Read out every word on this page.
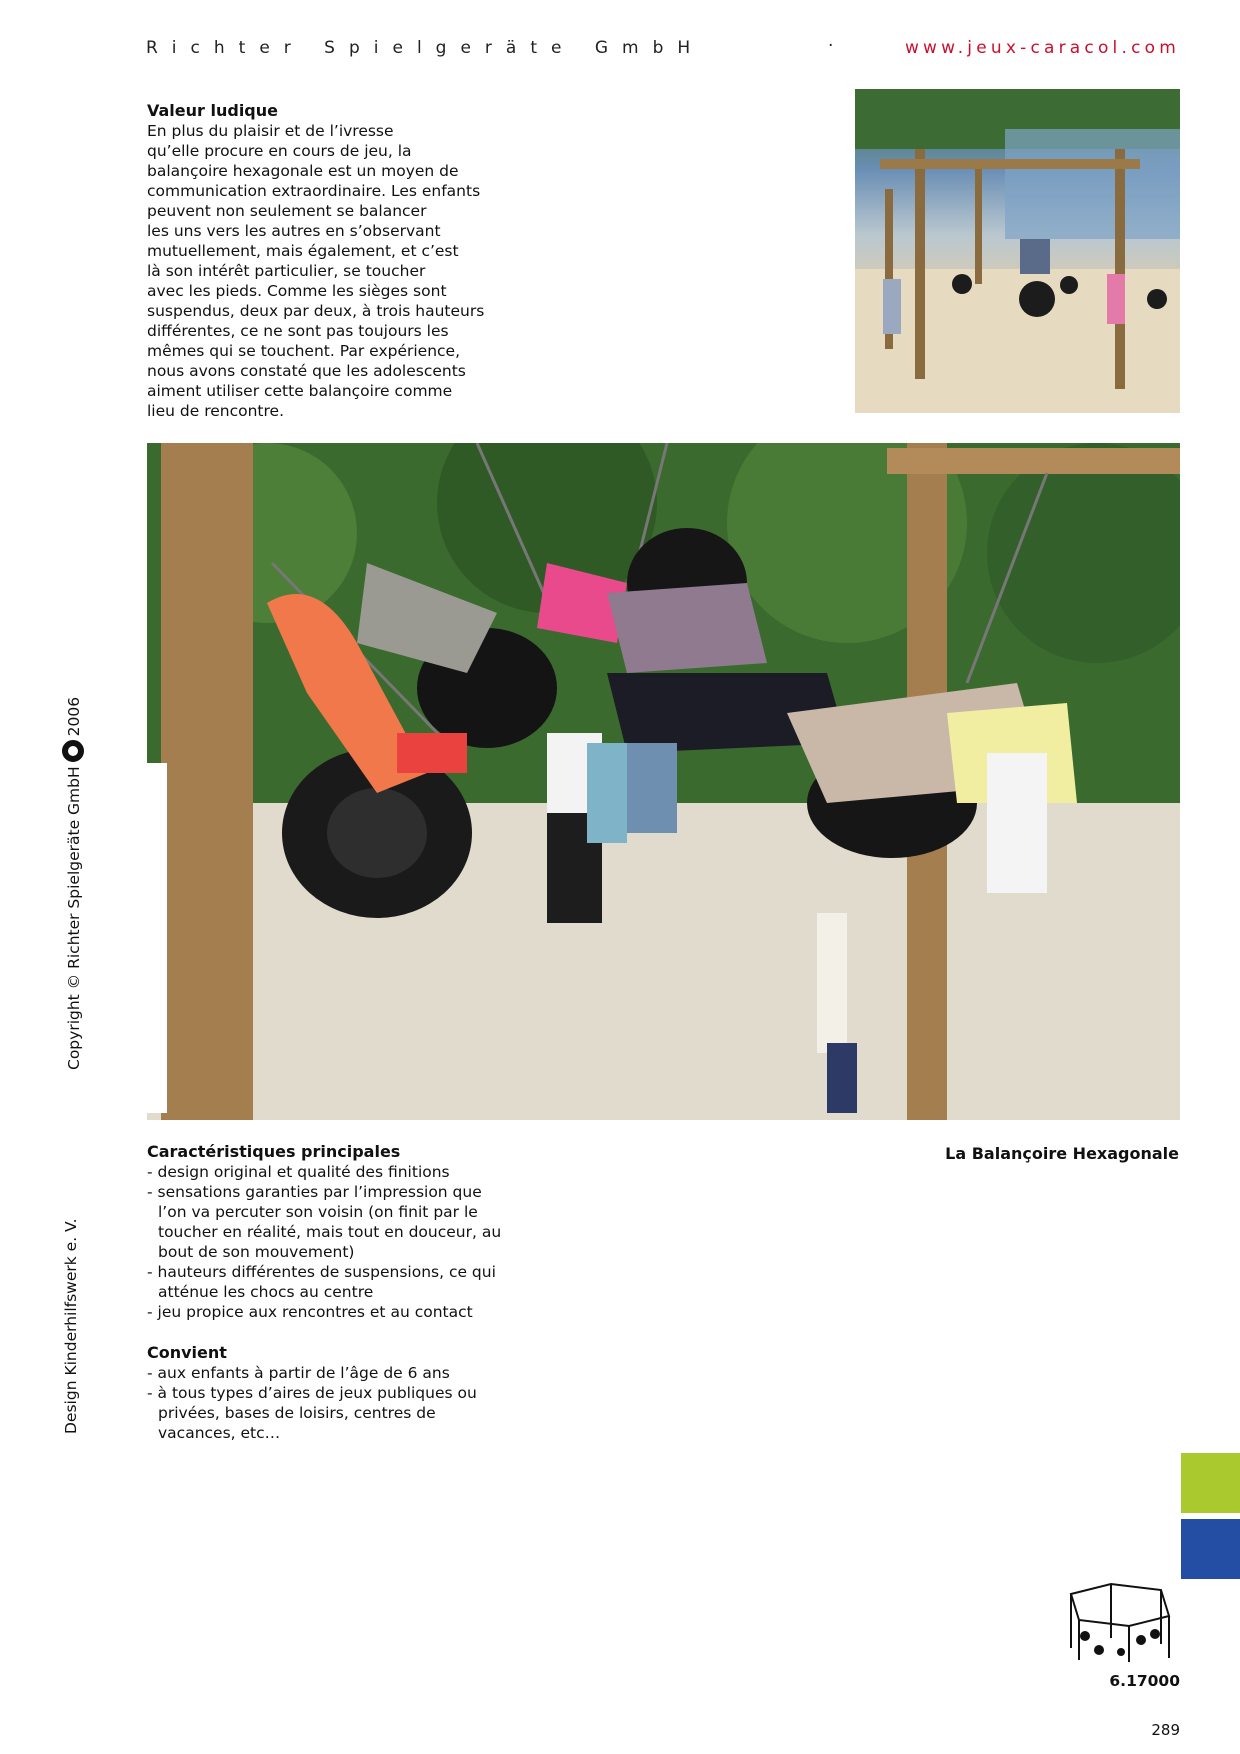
Richter Spielgeräte GmbH	·	www.jeux-caracol.com
Valeur ludique

En plus du plaisir et de l’ivresse
qu’elle procure en cours de jeu, la
balançoire hexagonale est un moyen de
communication extraordinaire. Les enfants
peuvent non seulement se balancer
les uns vers les autres en s’observant
mutuellement, mais également, et c’est
là son intérêt particulier, se toucher
avec les pieds. Comme les sièges sont
suspendus, deux par deux, à trois hauteurs
différentes, ce ne sont pas toujours les
mêmes qui se touchent. Par expérience,
nous avons constaté que les adolescents
aiment utiliser cette balançoire comme
lieu de rencontre.

Caractéristiques principales
- design original et qualité des finitions
- sensations garanties par l’impression que l’on va percuter son voisin (on finit par le toucher en réalité, mais tout en douceur, au bout de son mouvement)
- hauteurs différentes de suspensions, ce qui atténue les chocs au centre
- jeu propice aux rencontres et au contact
Convient
- aux enfants à partir de l’âge de 6 ans
- à tous types d’aires de jeux publiques ou privées, bases de loisirs, centres de vacances, etc…
La Balançoire Hexagonale
Copyright © Richter Spielgeräte GmbH2006
Design Kinderhilfswerk e. V.
6.17000
289
